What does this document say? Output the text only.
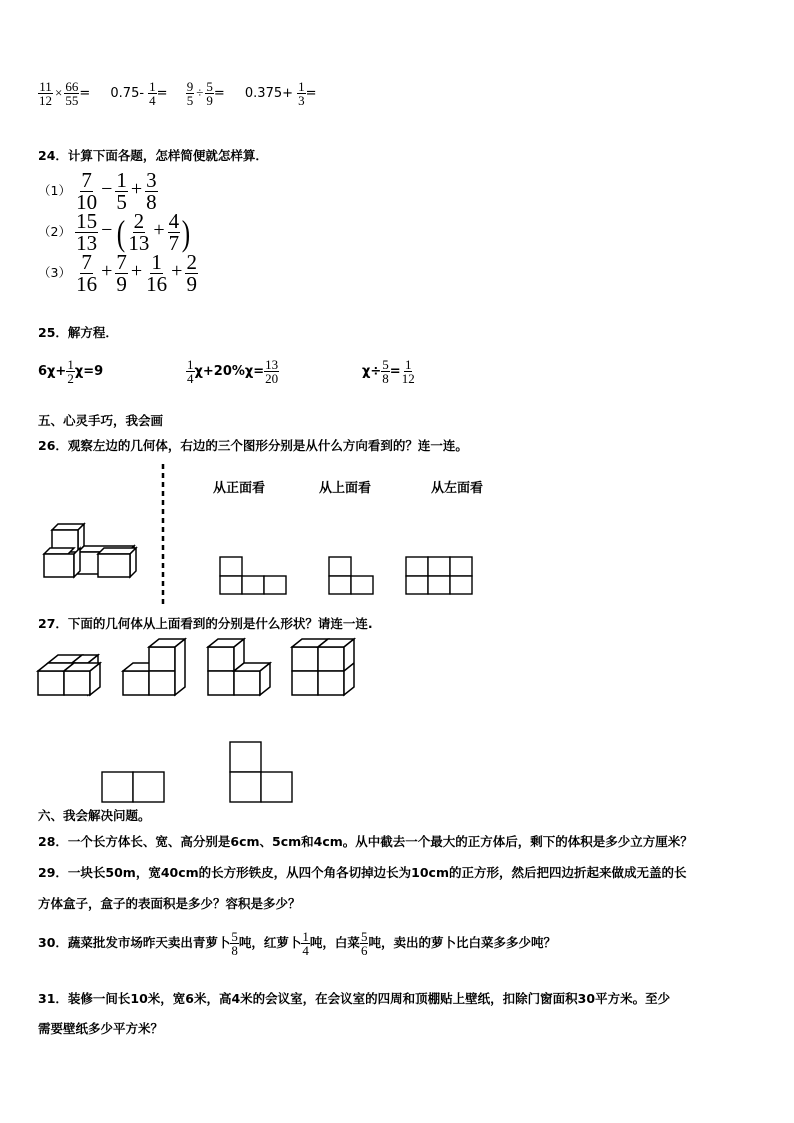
$\frac{11}{12} \times \frac{66}{55} = 0.75- \frac{1}{4} = \frac{9}{5} \div \frac{5}{9} = 0.375+ \frac{1}{3}$ =
24．计算下面各题，怎样简便就怎样算．
$(1) \frac{7}{10} - \frac{1}{5} + \frac{3}{8}$
$(2) \frac{15}{13}$ − ( $\frac{2}{13} + \frac{4}{7}$ )
$(3) \frac{7}{16} + \frac{7}{9} + \frac{1}{16} + \frac{2}{9}$
25．解方程．
$6\chi+ \frac{1}{2} \chi=9$	$\frac{1}{4} \chi+20\%\chi= \frac{13}{20}$	$\chi\div \frac{5}{8} = \frac{1}{12}$
五、心灵手巧，我会画
26．观察左边的几何体，右边的三个图形分别是从什么方向看到的？连一连。
从正面看	从上面看	从左面看
27．下面的几何体从上面看到的分别是什么形状？请连一连.
六、我会解决问题。
28．一个长方体长、宽、高分别是6cm、5cm和4cm。从中截去一个最大的正方体后，剩下的体积是多少立方厘米？
29．一块长50m，宽40cm的长方形铁皮，从四个角各切掉边长为10cm的正方形，然后把四边折起来做成无盖的长
方体盒子，盒子的表面积是多少？容积是多少？
30．蔬菜批发市场昨天卖出青萝卜 $\frac{5}{8}$ 吨，红萝卜 $\frac{1}{4}$ 吨，白菜 $\frac{5}{6}$ 吨，卖出的萝卜比白菜多多少吨？
31．装修一间长10米，宽6米，高4米的会议室，在会议室的四周和顶棚贴上壁纸，扣除门窗面积30平方米。至少
需要壁纸多少平方米？
